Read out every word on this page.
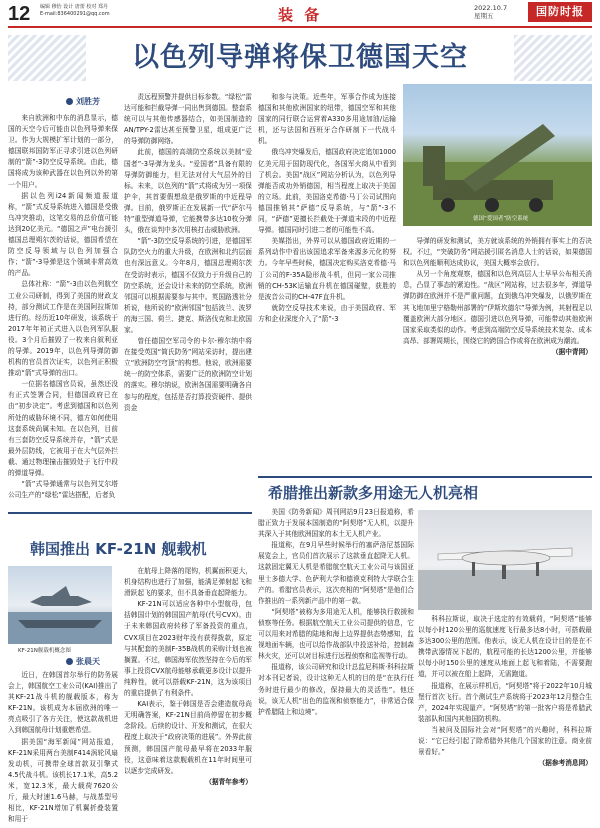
12 编辑 穆怡 设计 唐蕾 校对 郑丹
E-mail:836400291@qq.com	装 备	2022.10.7
星期五	国防时报
以色列导弹将保卫德国天空
刘胜芳

来自欧洲和中东的消息显示，德国的天空今后可能由以色列导弹来保卫。作为大规模扩军计划的一部分，德国联邦国防军正寻求引进以色列研制的“箭”-3防空反导系统。由此，德国将成为该种武器在以色列以外的第一个用户。

据以色列i24新闻频道报道称，“箭”式反导系统进入德国是受俄乌冲突推动，这笔交易的总价值可能达到20亿美元。“德国之声”电台援引德国总理朔尔茨的话说，德国希望在防空反导领域与以色列加强合作；“箭”-3导弹是这个领域非常高效的产品。

总体社称：“箭”-3由以色列航空工业公司研制，得到了美国的财政支持，部分测试工作是在美国阿拉斯加进行的。经历近10年研发，该系统于2017年年初正式进入以色列军队服役。3个月后摧毁了一枚来自叙利亚的导弹。2019年，以色列导弹防御机构的官员首次证实，以色列正积极推动“箭”式导弹的出口。

一位据名德国官员说，虽然还没有正式签署合同，但德国政府已在由“初步决定”。考虑到德国和以色列所处的威胁环境不同，德方如何使用这套系统尚属未知。在以色列，目前有三套防空反导系统并存，“箭”式是最外层防线，它被用于在大气层外拦截、通过物理撞击摧毁处于飞行中段的弹道导弹。

“箭”式导弹通常与以色列艾尔塔公司生产的“绿松”雷达搭配，后者负

责远程预警并提供目标参数。“绿松”雷达可能和拦截导弹一同出售到德国。整套系统可以与其他传感器结合，如美国制造的AN/TPY-2雷达甚至预警卫星，组成更广泛的导弹防御网络。

此前，德国的高端防空系统以美制“爱国者”-3导弹为龙头。“爱国者”具备有限的导弹防御能力，但无法对付大气层外的目标。未来，以色列的“箭”式将成为另一项保护伞，其首要假想敌是俄罗斯的中近程导弹。目前，俄罗斯正在发展新一代“萨尔马特”重型弹道导弹，它能携带多达10枚分弹头，俄在谈判中多次用核打击威胁欧洲。

“箭”-3防空反导系统的引进，是德国军队防空火力的重大升级，在欧洲和北约层面也有深远意义。今年8月，德国总理朔尔茨在受访时表示，德国不仅致力于升级自己的防空系统，还会设计未来的防空系统，欧洲邻国可以根据需要参与其中。英国路透社分析说，他所说的“欧洲邻国”包括波兰、波罗的海三国、荷兰、捷克、斯洛伐克和北欧国家。

曾任德国空军司令的卡尔-穆尔纳中将在接受英国“简氏防务”网站采访时，提出建立“欧洲防空穹顶”的构想。他说，欧洲需要统一的防空体系，需要广泛的欧洲防空计划的落实。穆尔纳说，欧洲各国需要明确各自参与的程度，包括是否打算投资硬件、提供资金

和参与决策。近些年，军事合作成为连接德国和其他欧洲国家的纽带，德国空军和其他国家的同行联合运营着A330多用途加油/运输机，还与法国和西班牙合作研制下一代战斗机。

俄乌冲突爆发后，德国政府决定追加1000亿美元用于国防现代化，各国军火商从中看到了机会。美国“战区”网站分析认为，以色列导弹能否成功外销德国，相当程度上取决于美国的立场。此前，美国洛克希德·马丁公司试图向德国推销其“萨德”反导系统，与“箭”-3不同，“萨德”更擅长拦截处于弹道末段的中近程导弹。德国同时引进二者的可能性不高。

美媒指出，外界可以从德国政府近期的一系列动作中看出该国追求军备来源多元化的努力。今年早些时候，德国决定购买洛克希德·马丁公司的F-35A隐形战斗机，但同一家公司推销的CH-53K运输直升机在德国碰壁，获胜的是波音公司的CH-47F直升机。

就防空反导技术来说，由于美国政府、军方和企业深度介入了“箭”-3

德国“爱国者”防空系统

导弹的研发和测试，美方就该系统的外销拥有事实上的否决权。不过，“突破防务”网站援引匿名消息人士的话说，如果德国和以色列能顺利达成协议，美国大概率会放行。

从另一个角度观察，德国和以色列高层人士早早公布相关消息，凸显了事态的紧迫性。“战区”网站称，过去很多年，弹道导弹防御在欧洲并不是严重问题，直到俄乌冲突爆发，以俄罗斯在其飞地加里宁格勒州部署的“伊斯坎德尔”导弹为例，其射程足以覆盖欧洲大部分地区。德国引进以色列导弹，可能带动其他欧洲国家采取类似的动作。考虑到高端防空反导系统技术复杂、成本高昂、部署周期长，围绕它的跨国合作或将在欧洲成为潮流。

（据中青网）

希腊推出新款多用途无人机亮相

美国《防务新闻》周刊网站9月23日报道称，希腊正致力于发展本国制造的“阿契塔”无人机，以提升其深入于其他欧洲国家的本土无人机产业。

报道称，在9月早些时候举行的塞萨洛尼基国际展览会上，官员们首次展示了这款垂直起降无人机。这款固定翼无人机是希腊航空航天工业公司与该国亚里士多德大学、色萨利大学和德谟克利特大学联合生产的。希腊官员表示，这次亮相的“阿契塔”是他们合作推出的一系列新产品中的第一款。

“阿契塔”被称为多用途无人机，能够执行救援和侦察等任务。根据航空航天工业公司提供的信息，它可以用来对希腊的陆地和海上边界提供态势感知，监视地面车辆，也可以给作战部队中投送补给，控制森林火灾，还可以对目标进行远程侦察和监视等行动。

报道称，该公司研究和设计总监尼科斯·科科拉斯对本刊记者说，设计这种无人机的目的是“在执行任务时进行最少的修改，保持最大的灵活性”。他还说，该无人机“出色的监视和侦察能力”，非常适合保护希腊陆上和边境”。

科科拉斯说，取决于选定的有效载荷，“阿契塔”能够以每小时120公里的巡航速度飞行最多达8小时，可搭载最多达300公里的范围。他表示，该无人机在设计目的是在不携带武器情况下起的，航程可能的长达1200公里，并能够以每小时150公里的速度从地面上起飞和着陆，不需要跑道，并可以被在船上起降，无需跑道。

报道称，在展示样机后，“阿契塔”将于2022年10月城堡行首次飞行。首个测试生产系统将于2023年12月整合生产，2024年实现量产。“阿契塔”的第一批客户将是希腊武装部队和国内其他国防机构。

当被问及国际社会对“阿契塔”的兴趣时，科科拉斯说：“它已经引起了除希腊外其他几个国家的注意。商业前景看好。”

（据参考消息网）

韩国推出 KF-21N 舰载机
KF-21N舰载机概念图
张晨天

近日，在韩国首尔举行的防务展会上，韩国航空工业公司(KAI)推出了其KF-21战斗机的舰载版本，称为KF-21N。该机成为本届欧洲的唯一亮点吸引了各方关注，使这款战机进入到韩国航母计划重燃希望。

据美国“海军新闻”网站报道，KF-21N采用两台美制F414涡轮风扇发动机，可携带全球首款双引擎式4.5代战斗机。该机长17.1米，高5.2米，宽12.3米，最大载荷7620公斤，最大时速1.6马赫，与战基型号相比，KF-21N增加了机翼折叠装置和用于

在航母上降落的尾钩，机翼面积更大，机身结构也进行了加强，能满足弹射起飞和滑跃起飞的要求，但不具备垂直起降能力。

KF-21N可以适应各种中小型航母，包括韩国计划的韩国国产航母(代号CVX)。由于未来韩国政府转移了军备投资的重点，CVX项目在2023财年没有获得拨款，原定与其配套的美制F-35B战机的采购计划也被搁置。不过，韩国海军依然坚持在今后的军事上投资CVX航母能够承载更多设计以提升纯粹性，就可以搭载KF-21N，这为该项目的重启提供了有利条件。

KAI表示，鉴于韩国是否会建造航母尚无明确答案，KF-21N目前尚停留在初步概念阶段。后续的设计、开发和测试，在很大程度上取决于“政府决策的进展”。外界此前预测，韩国国产航母最早将在2033年服役，这意味着这款舰载机在11年时间里可以逐步完成研发。

（据青年参考）
